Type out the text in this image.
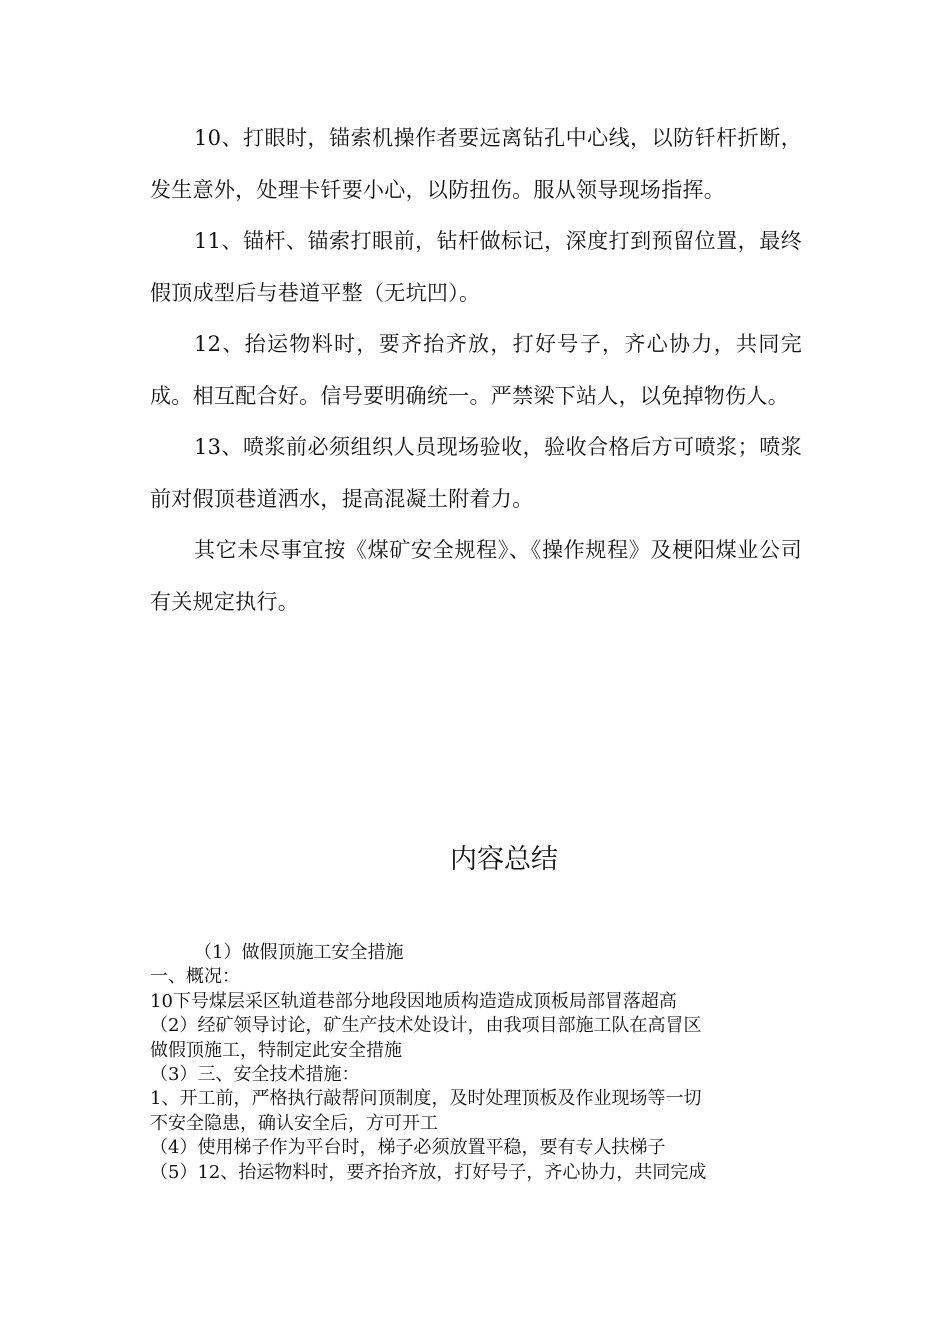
10、打眼时，锚索机操作者要远离钻孔中心线，以防钎杆折断，发生意外，处理卡钎要小心，以防扭伤。服从领导现场指挥。

11、锚杆、锚索打眼前，钻杆做标记，深度打到预留位置，最终假顶成型后与巷道平整（无坑凹）。

12、抬运物料时，要齐抬齐放，打好号子，齐心协力，共同完成。相互配合好。信号要明确统一。严禁梁下站人，以免掉物伤人。

13、喷浆前必须组织人员现场验收，验收合格后方可喷浆；喷浆前对假顶巷道洒水，提高混凝土附着力。

其它未尽事宜按《煤矿安全规程》、《操作规程》及梗阳煤业公司有关规定执行。

内容总结
（1）做假顶施工安全措施
一、概况：
10下号煤层采区轨道巷部分地段因地质构造造成顶板局部冒落超高
（2）经矿领导讨论，矿生产技术处设计，由我项目部施工队在高冒区
做假顶施工，特制定此安全措施
（3）三、安全技术措施：
1、开工前，严格执行敲帮问顶制度，及时处理顶板及作业现场等一切
不安全隐患，确认安全后，方可开工
（4）使用梯子作为平台时，梯子必须放置平稳，要有专人扶梯子
（5）12、抬运物料时，要齐抬齐放，打好号子，齐心协力，共同完成
